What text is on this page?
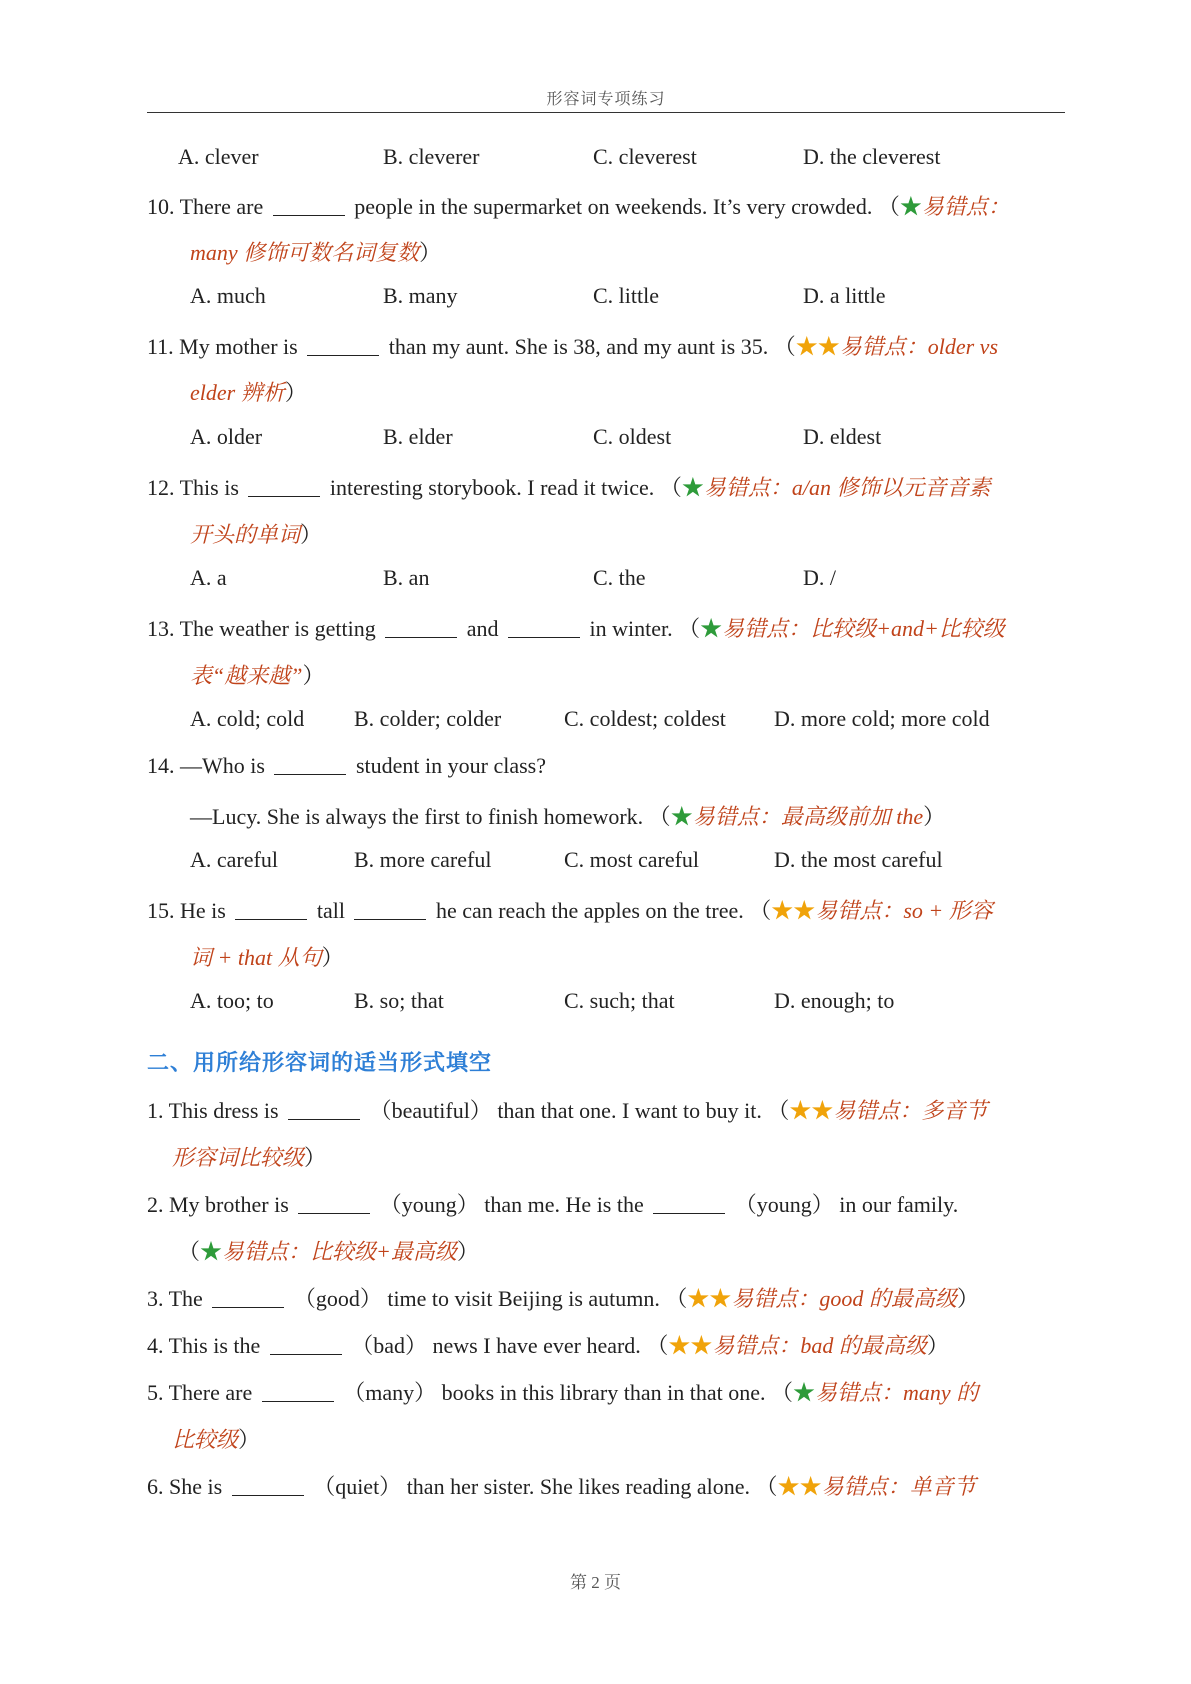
形容词专项练习
A. clever	B. cleverer	C. cleverest	D. the cleverest
10. There are	people in the supermarket on weekends. It’s very crowded. （★易错点：
many 修饰可数名词复数）
A. much	B. many	C. little	D. a little
11. My mother is	than my aunt. She is 38, and my aunt is 35. （★★易错点：older vs
elder 辨析）
A. older	B. elder	C. oldest	D. eldest
12. This is	interesting storybook. I read it twice. （★易错点：a/an 修饰以元音音素
开头的单词）
A. a	B. an	C. the	D. /
13. The weather is getting	and	in winter. （★易错点：比较级+and+比较级
表“越来越”）
A. cold; cold B. colder; colder	C. coldest; coldest D. more cold; more cold
14. —Who is	student in your class?
—Lucy. She is always the first to finish homework. （★易错点：最高级前加 the）
A. careful	B. more careful	C. most careful	D. the most careful
15. He is	tall	he can reach the apples on the tree. （★★易错点：so + 形容
词 + that 从句）
A. too; to	B. so; that	C. such; that	D. enough; to
二、用所给形容词的适当形式填空
1. This dress is	（beautiful） than that one. I want to buy it. （★★易错点：多音节
形容词比较级）
2. My brother is	（young） than me. He is the	（young） in our family.
（★易错点：比较级+最高级）
3. The	（good） time to visit Beijing is autumn. （★★易错点：good 的最高级）
4. This is the	（bad） news I have ever heard. （★★易错点：bad 的最高级）
5. There are	（many） books in this library than in that one. （★易错点：many 的
比较级）
6. She is	（quiet） than her sister. She likes reading alone. （★★易错点：单音节
第 2 页
